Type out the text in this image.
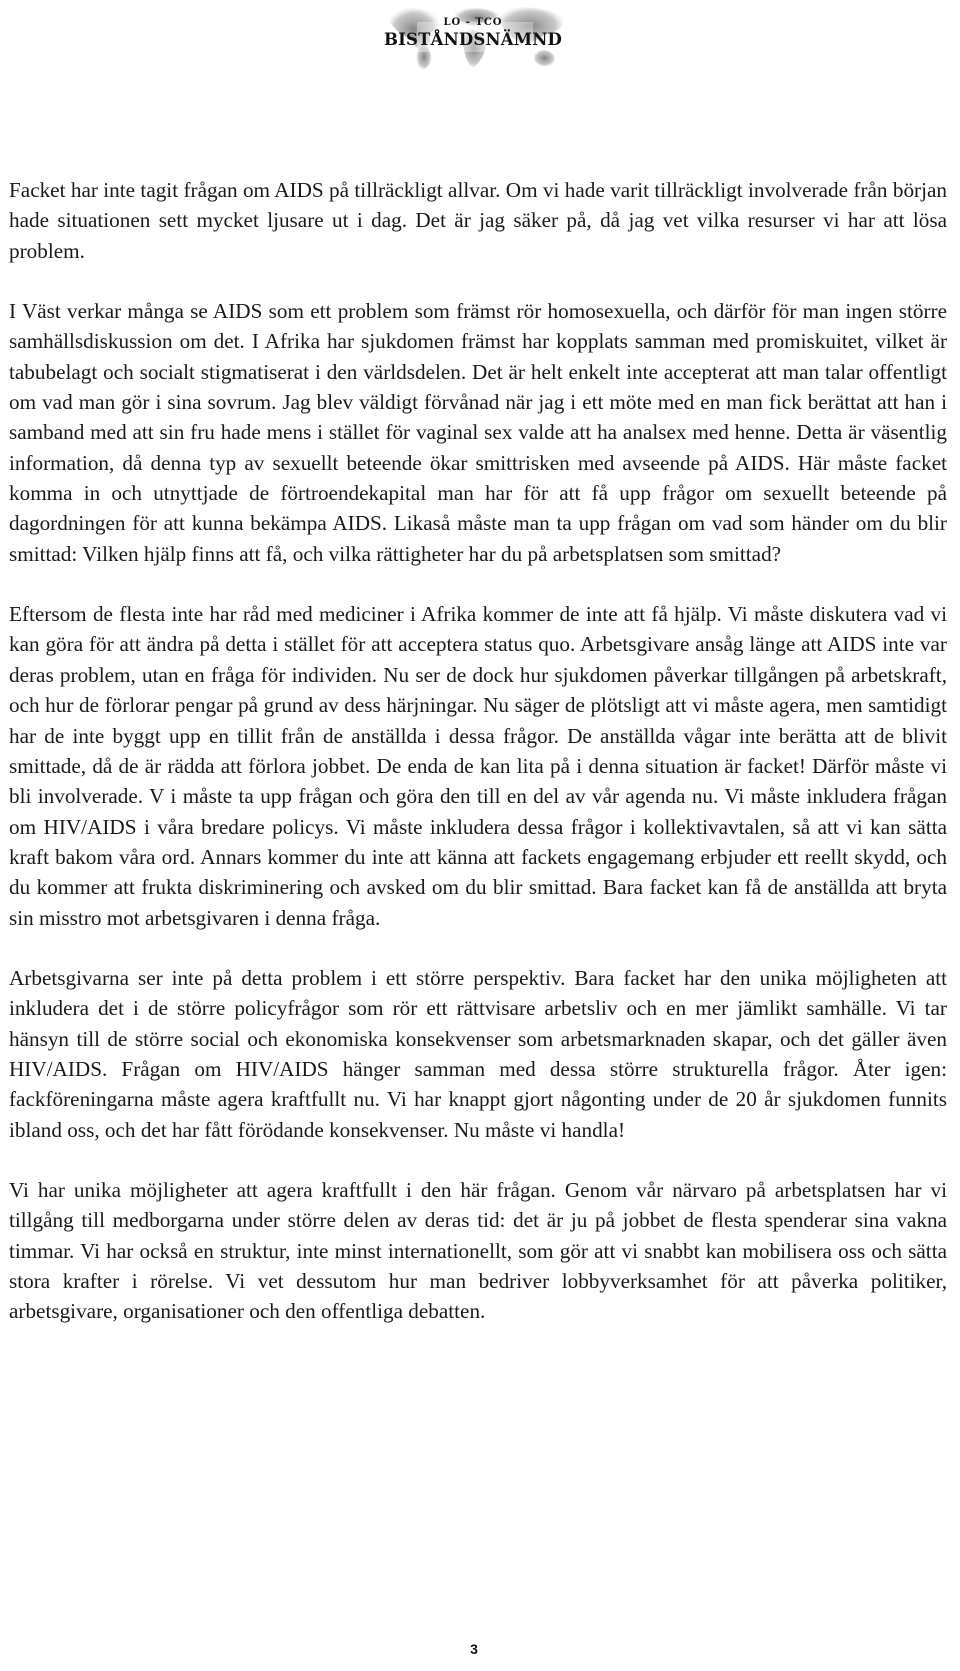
LO - TCO
BISTÅNDSNÄMND

Facket har inte tagit frågan om AIDS på tillräckligt allvar. Om vi hade varit tillräckligt involverade från början hade situationen sett mycket ljusare ut i dag. Det är jag säker på, då jag vet vilka resurser vi har att lösa problem.

I Väst verkar många se AIDS som ett problem som främst rör homosexuella, och därför för man ingen större samhällsdiskussion om det. I Afrika har sjukdomen främst har kopplats samman med promiskuitet, vilket är tabubelagt och socialt stigmatiserat i den världsdelen. Det är helt enkelt inte accepterat att man talar offentligt om vad man gör i sina sovrum. Jag blev väldigt förvånad när jag i ett möte med en man fick berättat att han i samband med att sin fru hade mens i stället för vaginal sex valde att ha analsex med henne. Detta är väsentlig information, då denna typ av sexuellt beteende ökar smittrisken med avseende på AIDS. Här måste facket komma in och utnyttjade de förtroendekapital man har för att få upp frågor om sexuellt beteende på dagordningen för att kunna bekämpa AIDS. Likaså måste man ta upp frågan om vad som händer om du blir smittad: Vilken hjälp finns att få, och vilka rättigheter har du på arbetsplatsen som smittad?

Eftersom de flesta inte har råd med mediciner i Afrika kommer de inte att få hjälp. Vi måste diskutera vad vi kan göra för att ändra på detta i stället för att acceptera status quo. Arbetsgivare ansåg länge att AIDS inte var deras problem, utan en fråga för individen. Nu ser de dock hur sjukdomen påverkar tillgången på arbetskraft, och hur de förlorar pengar på grund av dess härjningar. Nu säger de plötsligt att vi måste agera, men samtidigt har de inte byggt upp en tillit från de anställda i dessa frågor. De anställda vågar inte berätta att de blivit smittade, då de är rädda att förlora jobbet. De enda de kan lita på i denna situation är facket! Därför måste vi bli involverade. V i måste ta upp frågan och göra den till en del av vår agenda nu. Vi måste inkludera frågan om HIV/AIDS i våra bredare policys. Vi måste inkludera dessa frågor i kollektivavtalen, så att vi kan sätta kraft bakom våra ord. Annars kommer du inte att känna att fackets engagemang erbjuder ett reellt skydd, och du kommer att frukta diskriminering och avsked om du blir smittad. Bara facket kan få de anställda att bryta sin misstro mot arbetsgivaren i denna fråga.

Arbetsgivarna ser inte på detta problem i ett större perspektiv. Bara facket har den unika möjligheten att inkludera det i de större policyfrågor som rör ett rättvisare arbetsliv och en mer jämlikt samhälle. Vi tar hänsyn till de större social och ekonomiska konsekvenser som arbetsmarknaden skapar, och det gäller även HIV/AIDS. Frågan om HIV/AIDS hänger samman med dessa större strukturella frågor. Åter igen: fackföreningarna måste agera kraftfullt nu. Vi har knappt gjort någonting under de 20 år sjukdomen funnits ibland oss, och det har fått förödande konsekvenser. Nu måste vi handla!

Vi har unika möjligheter att agera kraftfullt i den här frågan. Genom vår närvaro på arbetsplatsen har vi tillgång till medborgarna under större delen av deras tid: det är ju på jobbet de flesta spenderar sina vakna timmar. Vi har också en struktur, inte minst internationellt, som gör att vi snabbt kan mobilisera oss och sätta stora krafter i rörelse. Vi vet dessutom hur man bedriver lobbyverksamhet för att påverka politiker, arbetsgivare, organisationer och den offentliga debatten.

3
